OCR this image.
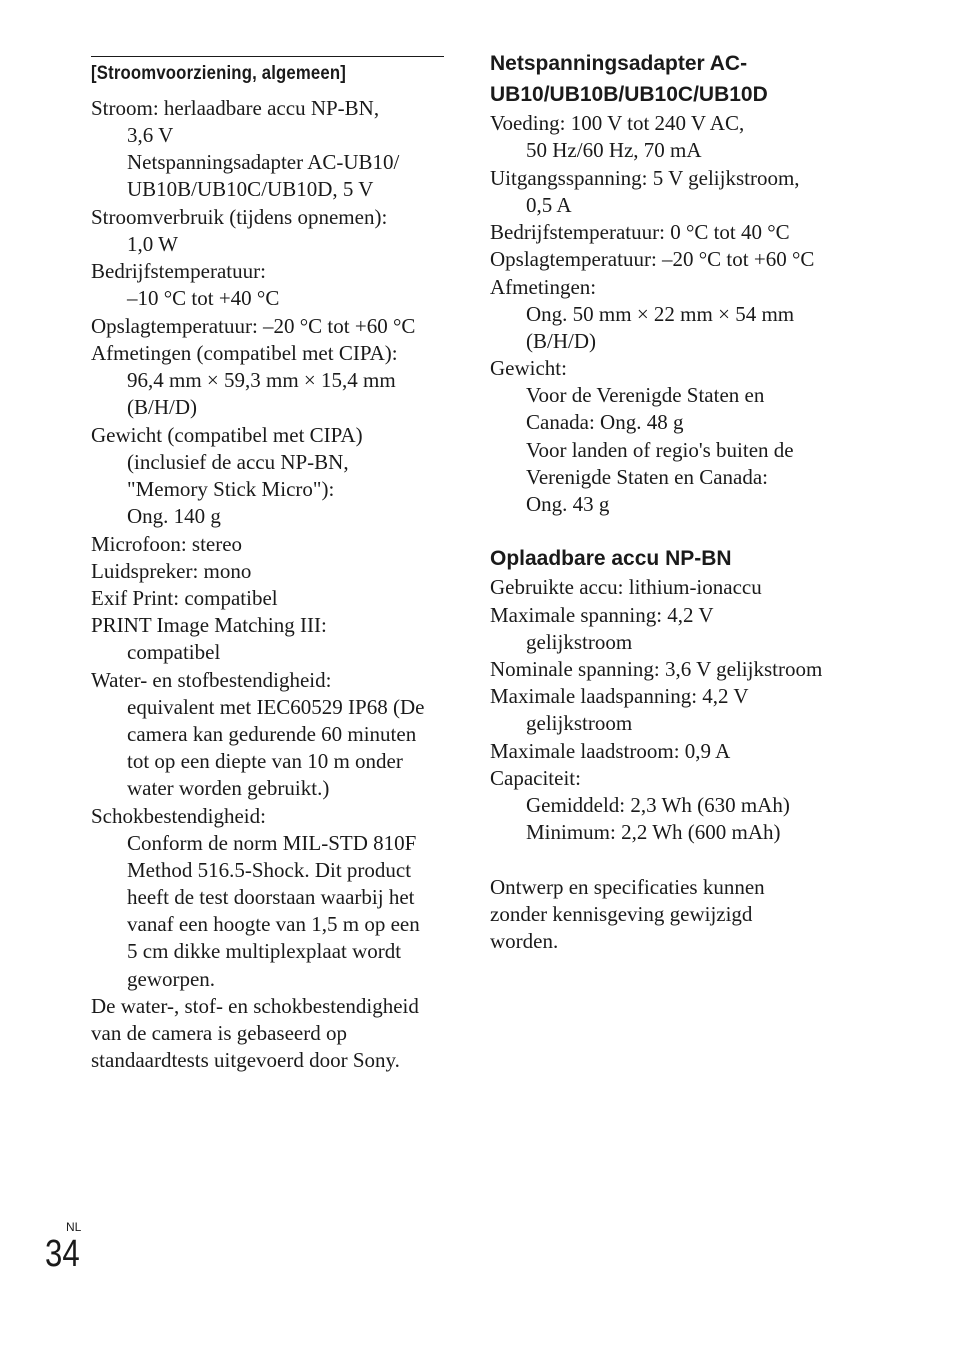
[Stroomvoorziening, algemeen]
Stroom: herlaadbare accu NP-BN,
3,6 V
Netspanningsadapter AC-UB10/
UB10B/UB10C/UB10D, 5 V
Stroomverbruik (tijdens opnemen):
1,0 W
Bedrijfstemperatuur:
–10 °C tot +40 °C
Opslagtemperatuur: –20 °C tot +60 °C
Afmetingen (compatibel met CIPA):
96,4 mm × 59,3 mm × 15,4 mm
(B/H/D)
Gewicht (compatibel met CIPA)
(inclusief de accu NP-BN,
"Memory Stick Micro"):
Ong. 140 g
Microfoon: stereo
Luidspreker: mono
Exif Print: compatibel
PRINT Image Matching III:
compatibel
Water- en stofbestendigheid:
equivalent met IEC60529 IP68 (De
camera kan gedurende 60 minuten
tot op een diepte van 10 m onder
water worden gebruikt.)
Schokbestendigheid:
Conform de norm MIL-STD 810F
Method 516.5-Shock. Dit product
heeft de test doorstaan waarbij het
vanaf een hoogte van 1,5 m op een
5 cm dikke multiplexplaat wordt
geworpen.
De water-, stof- en schokbestendigheid
van de camera is gebaseerd op
standaardtests uitgevoerd door Sony.
Netspanningsadapter AC-
UB10/UB10B/UB10C/UB10D
Voeding: 100 V tot 240 V AC,
50 Hz/60 Hz, 70 mA
Uitgangsspanning: 5 V gelijkstroom,
0,5 A
Bedrijfstemperatuur: 0 °C tot 40 °C
Opslagtemperatuur: –20 °C tot +60 °C
Afmetingen:
Ong. 50 mm × 22 mm × 54 mm
(B/H/D)
Gewicht:
Voor de Verenigde Staten en
Canada: Ong. 48 g
Voor landen of regio's buiten de
Verenigde Staten en Canada:
Ong. 43 g
Oplaadbare accu NP-BN
Gebruikte accu: lithium-ionaccu
Maximale spanning: 4,2 V
gelijkstroom
Nominale spanning: 3,6 V gelijkstroom
Maximale laadspanning: 4,2 V
gelijkstroom
Maximale laadstroom: 0,9 A
Capaciteit:
Gemiddeld: 2,3 Wh (630 mAh)
Minimum: 2,2 Wh (600 mAh)
Ontwerp en specificaties kunnen
zonder kennisgeving gewijzigd
worden.
NL
34
